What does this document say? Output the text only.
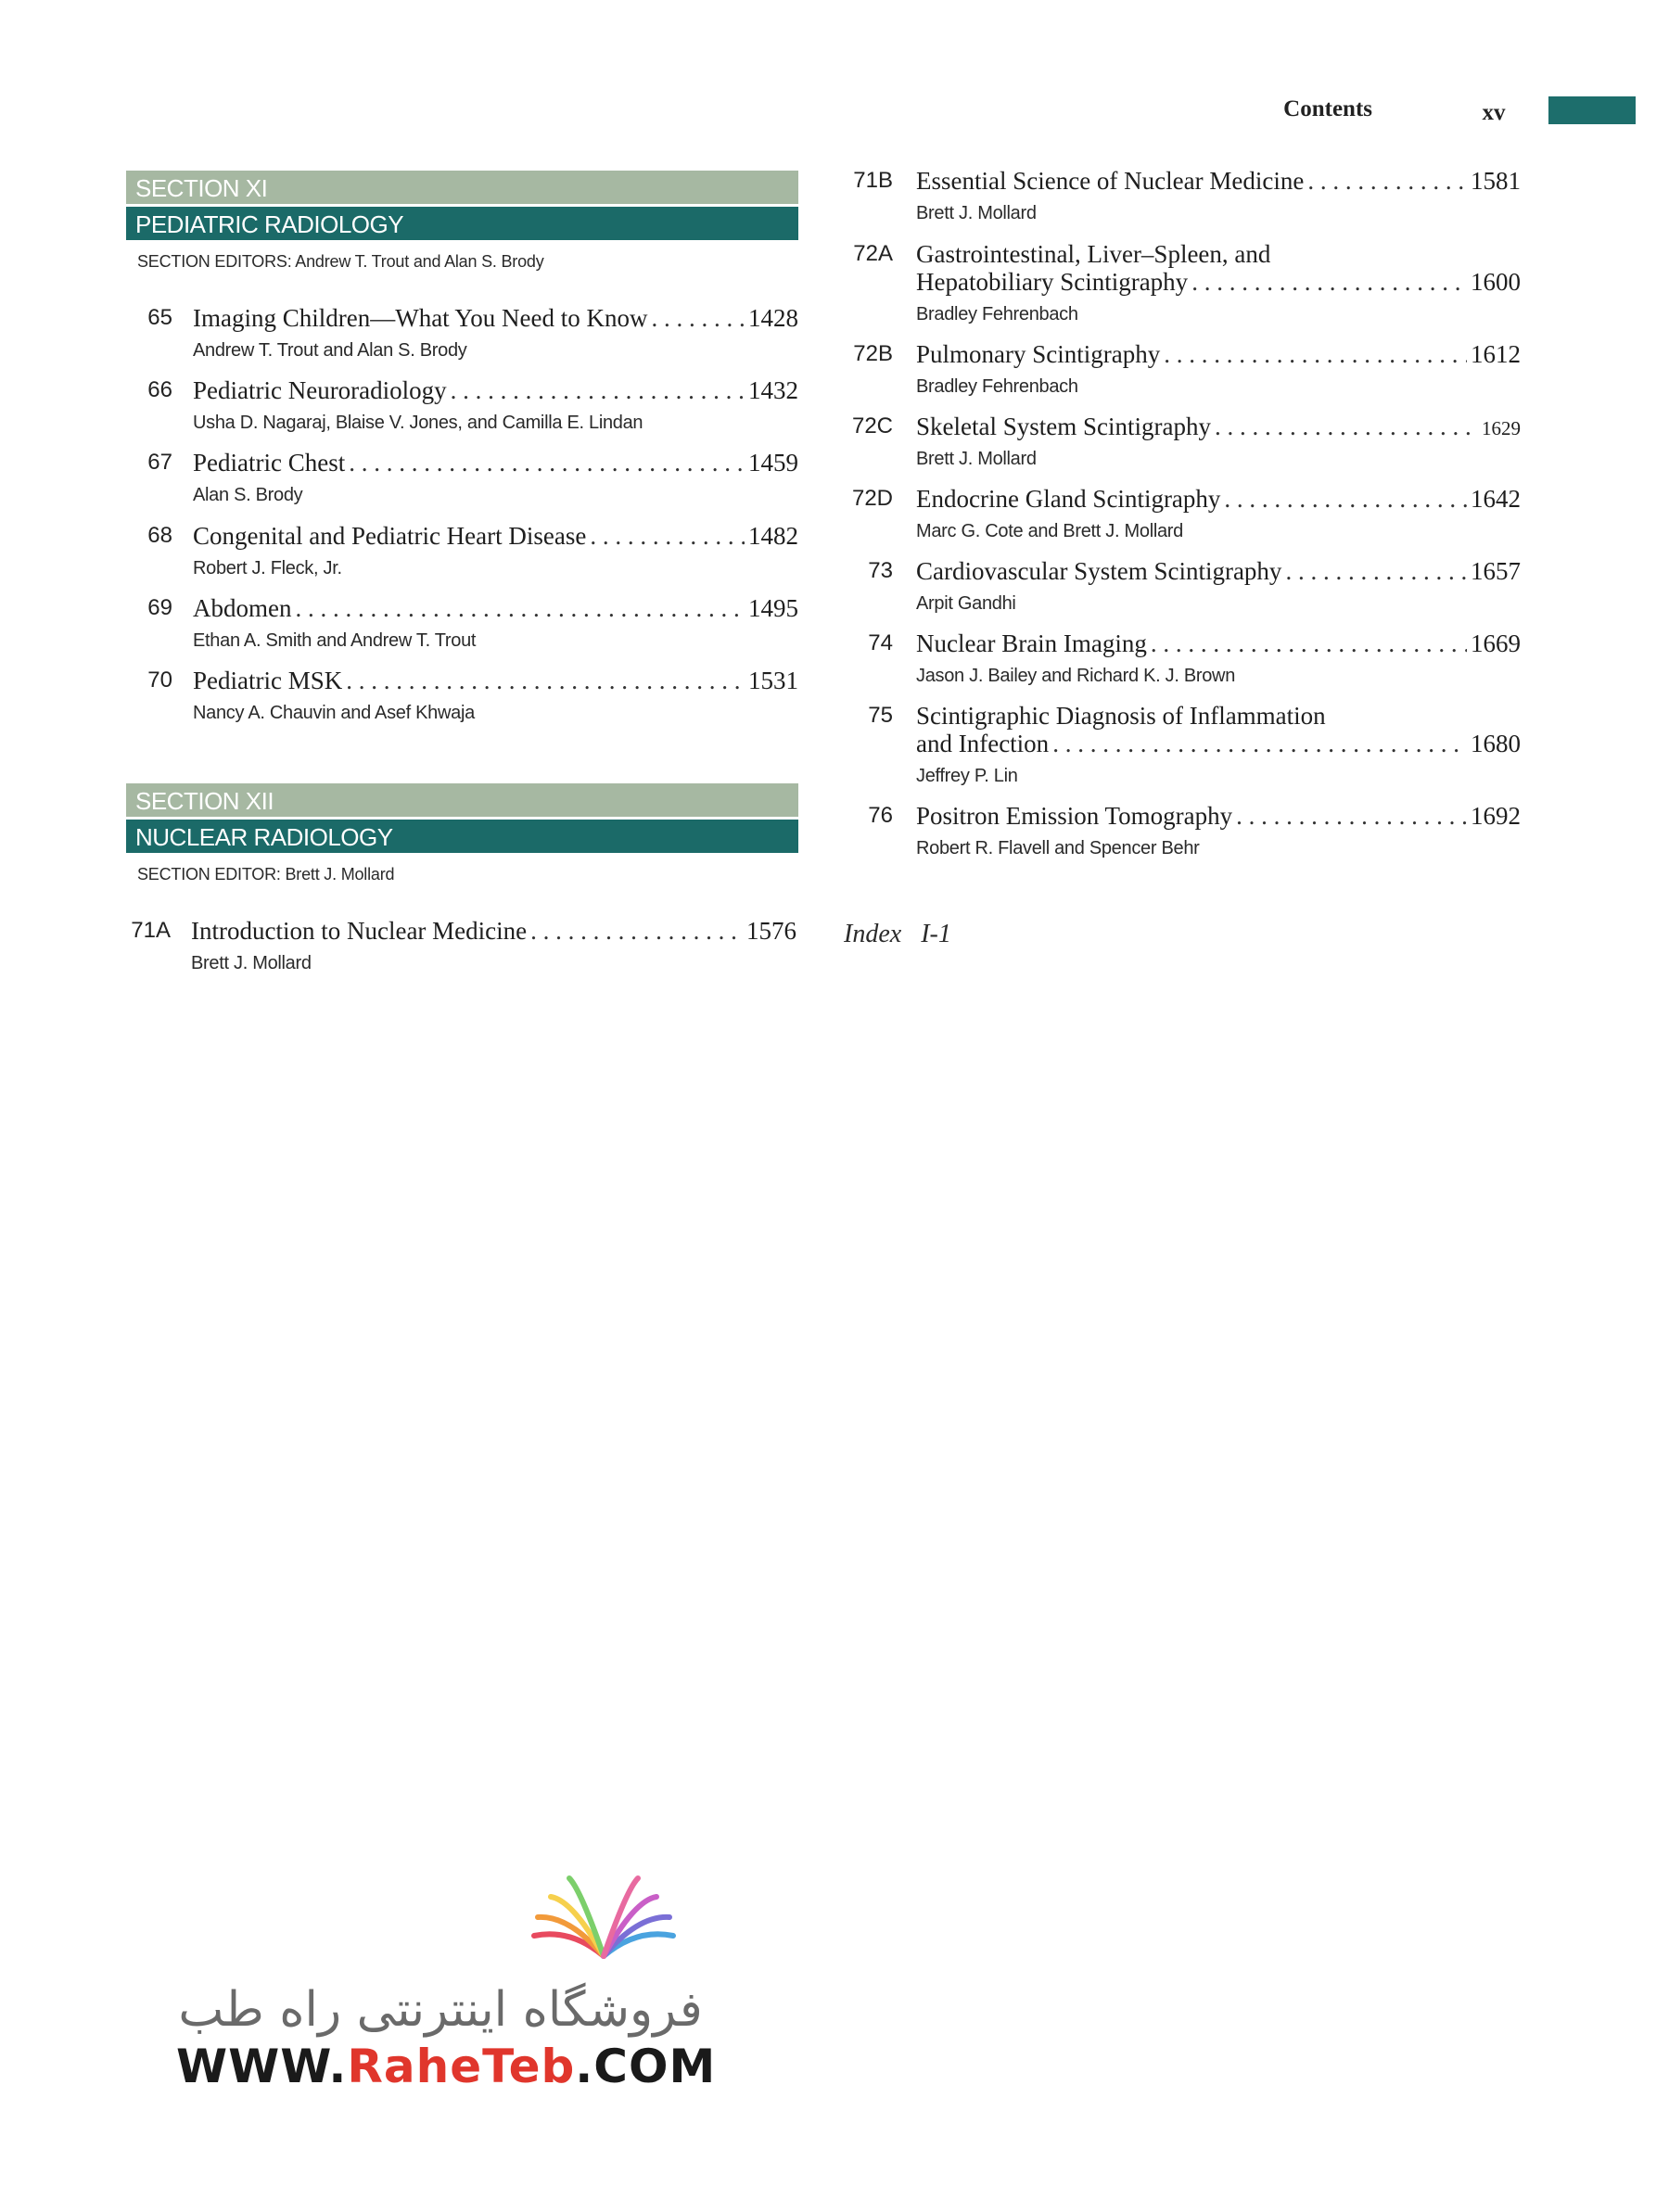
Contents	xv
SECTION XI
PEDIATRIC RADIOLOGY
SECTION EDITORS: Andrew T. Trout and Alan S. Brody
65 Imaging Children—What You Need to Know . . .	1428
Andrew T. Trout and Alan S. Brody
66 Pediatric Neuroradiology . . .	1432
Usha D. Nagaraj, Blaise V. Jones, and Camilla E. Lindan
67 Pediatric Chest . . .	1459
Alan S. Brody
68 Congenital and Pediatric Heart Disease . . .	1482
Robert J. Fleck, Jr.
69 Abdomen . . .	1495
Ethan A. Smith and Andrew T. Trout
70 Pediatric MSK . . .	1531
Nancy A. Chauvin and Asef Khwaja
SECTION XII
NUCLEAR RADIOLOGY
SECTION EDITOR: Brett J. Mollard
71A Introduction to Nuclear Medicine . . .	1576
Brett J. Mollard
71B Essential Science of Nuclear Medicine . . .	1581
Brett J. Mollard
72A Gastrointestinal, Liver–Spleen, and
Hepatobiliary Scintigraphy . . .	1600
Bradley Fehrenbach
72B Pulmonary Scintigraphy . . .	1612
Bradley Fehrenbach
72C Skeletal System Scintigraphy . . .	1629
Brett J. Mollard
72D Endocrine Gland Scintigraphy . . .	1642
Marc G. Cote and Brett J. Mollard
73 Cardiovascular System Scintigraphy . . .	1657
Arpit Gandhi
74 Nuclear Brain Imaging . . .	1669
Jason J. Bailey and Richard K. J. Brown
75 Scintigraphic Diagnosis of Inflammation
and Infection . . .	1680
Jeffrey P. Lin
76 Positron Emission Tomography . . .	1692
Robert R. Flavell and Spencer Behr
Index I-1
فروشگاه اینترنتی راه طب
WWW.RaheTeb.COM
